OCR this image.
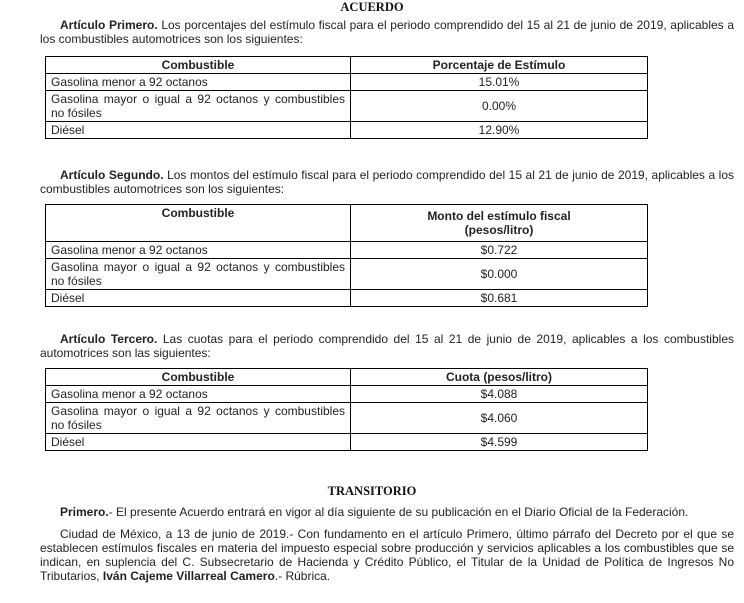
ACUERDO
Artículo Primero. Los porcentajes del estímulo fiscal para el periodo comprendido del 15 al 21 de junio de 2019, aplicables a los combustibles automotrices son los siguientes:
Combustible	Porcentaje de Estímulo
Gasolina menor a 92 octanos	15.01%
Gasolina mayor o igual a 92 octanos y combustibles no fósiles	0.00%
Diésel	12.90%
Artículo Segundo. Los montos del estímulo fiscal para el periodo comprendido del 15 al 21 de junio de 2019, aplicables a los combustibles automotrices son los siguientes:
Combustible	Monto del estímulo fiscal
(pesos/litro)
Gasolina menor a 92 octanos	$0.722
Gasolina mayor o igual a 92 octanos y combustibles no fósiles	$0.000
Diésel	$0.681
Artículo Tercero. Las cuotas para el periodo comprendido del 15 al 21 de junio de 2019, aplicables a los combustibles automotrices son las siguientes:
Combustible	Cuota (pesos/litro)
Gasolina menor a 92 octanos	$4.088
Gasolina mayor o igual a 92 octanos y combustibles no fósiles	$4.060
Diésel	$4.599
TRANSITORIO
Primero.- El presente Acuerdo entrará en vigor al día siguiente de su publicación en el Diario Oficial de la Federación.
Ciudad de México, a 13 de junio de 2019.- Con fundamento en el artículo Primero, último párrafo del Decreto por el que se establecen estímulos fiscales en materia del impuesto especial sobre producción y servicios aplicables a los combustibles que se indican, en suplencia del C. Subsecretario de Hacienda y Crédito Público, el Titular de la Unidad de Política de Ingresos No Tributarios, Iván Cajeme Villarreal Camero.- Rúbrica.
